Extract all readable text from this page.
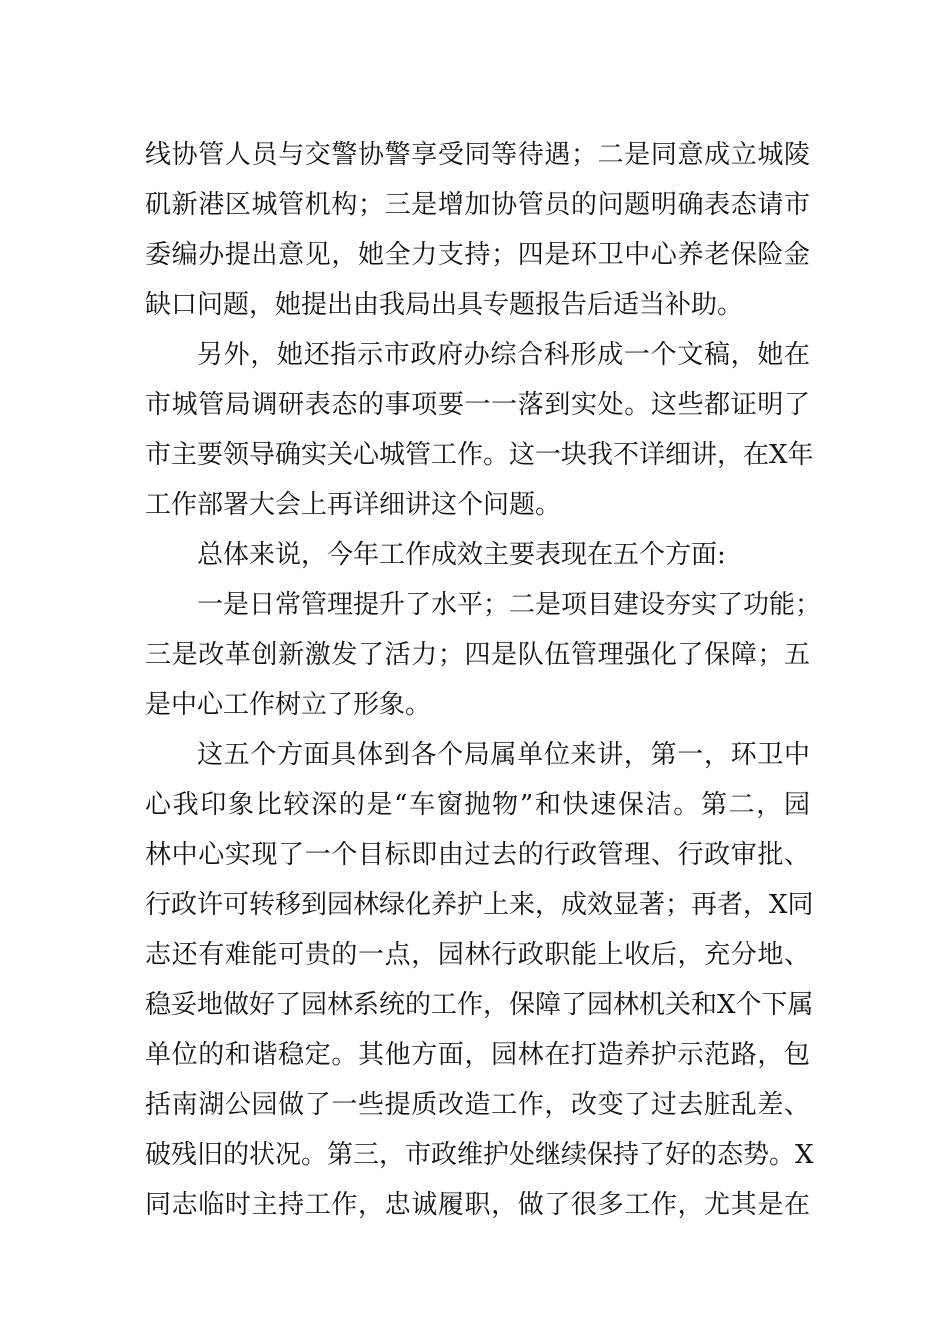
线协管人员与交警协警享受同等待遇；二是同意成立城陵
矶新港区城管机构；三是增加协管员的问题明确表态请市
委编办提出意见，她全力支持；四是环卫中心养老保险金
缺口问题，她提出由我局出具专题报告后适当补助。
另外，她还指示市政府办综合科形成一个文稿，她在
市城管局调研表态的事项要一一落到实处。这些都证明了
市主要领导确实关心城管工作。这一块我不详细讲，在X年
工作部署大会上再详细讲这个问题。
总体来说，今年工作成效主要表现在五个方面:
一是日常管理提升了水平；二是项目建设夯实了功能；
三是改革创新激发了活力；四是队伍管理强化了保障；五
是中心工作树立了形象。
这五个方面具体到各个局属单位来讲，第一，环卫中
心我印象比较深的是“车窗抛物”和快速保洁。第二，园
林中心实现了一个目标即由过去的行政管理、行政审批、
行政许可转移到园林绿化养护上来，成效显著；再者，X同
志还有难能可贵的一点，园林行政职能上收后，充分地、
稳妥地做好了园林系统的工作，保障了园林机关和X个下属
单位的和谐稳定。其他方面，园林在打造养护示范路，包
括南湖公园做了一些提质改造工作，改变了过去脏乱差、
破残旧的状况。第三，市政维护处继续保持了好的态势。X
同志临时主持工作，忠诚履职，做了很多工作，尤其是在
